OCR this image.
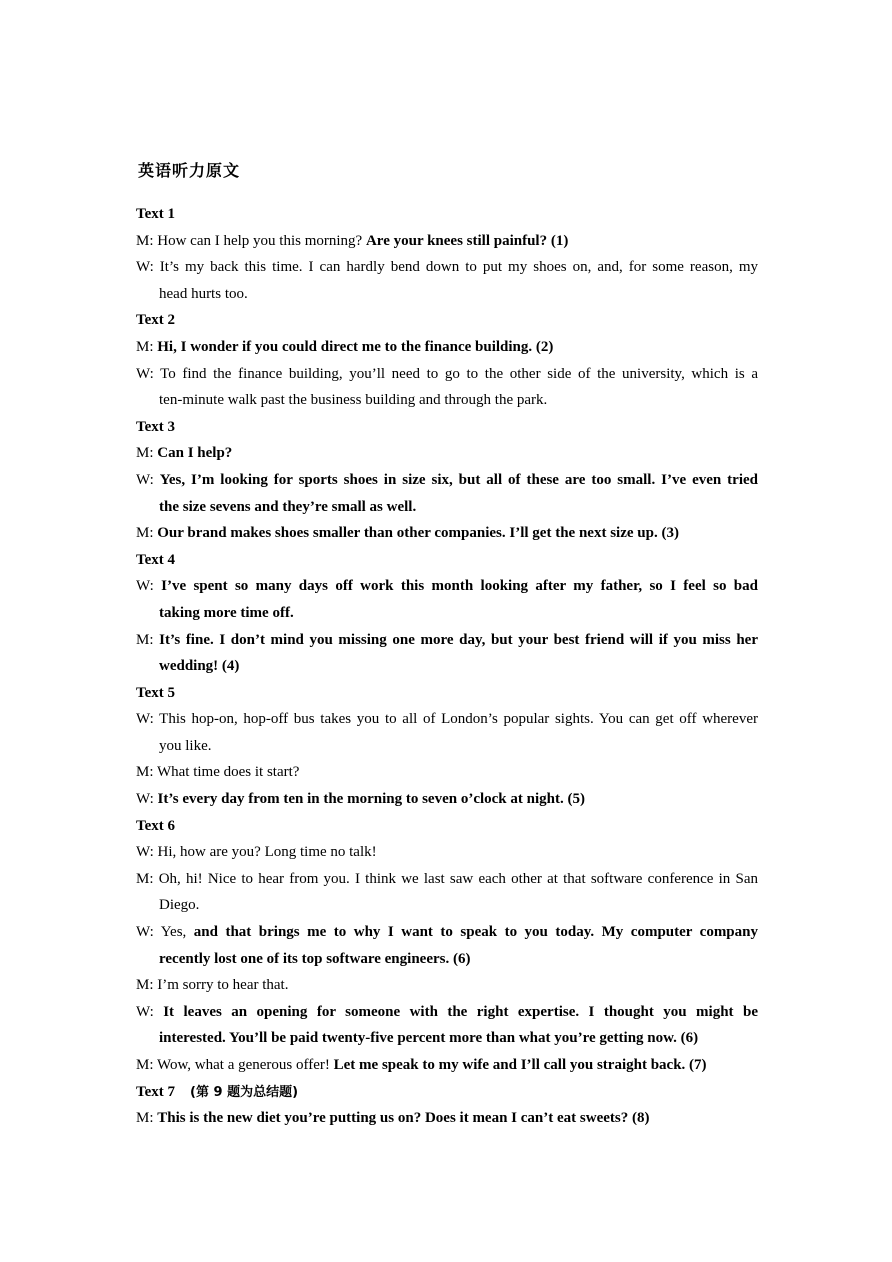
英语听力原文
Text 1
M: How can I help you this morning? Are your knees still painful? (1)
W: It’s my back this time. I can hardly bend down to put my shoes on, and, for some reason, my
head hurts too.
Text 2
M: Hi, I wonder if you could direct me to the finance building. (2)
W: To find the finance building, you’ll need to go to the other side of the university, which is a
ten-minute walk past the business building and through the park.
Text 3
M: Can I help?
W: Yes, I’m looking for sports shoes in size six, but all of these are too small. I’ve even tried
the size sevens and they’re small as well.
M: Our brand makes shoes smaller than other companies. I’ll get the next size up. (3)
Text 4
W: I’ve spent so many days off work this month looking after my father, so I feel so bad
taking more time off.
M: It’s fine. I don’t mind you missing one more day, but your best friend will if you miss her
wedding! (4)
Text 5
W: This hop-on, hop-off bus takes you to all of London’s popular sights. You can get off wherever
you like.
M: What time does it start?
W: It’s every day from ten in the morning to seven o’clock at night. (5)
Text 6
W: Hi, how are you? Long time no talk!
M: Oh, hi! Nice to hear from you. I think we last saw each other at that software conference in San
Diego.
W: Yes, and that brings me to why I want to speak to you today. My computer company
recently lost one of its top software engineers. (6)
M: I’m sorry to hear that.
W: It leaves an opening for someone with the right expertise. I thought you might be
interested. You’ll be paid twenty-five percent more than what you’re getting now. (6)
M: Wow, what a generous offer! Let me speak to my wife and I’ll call you straight back. (7)
Text 7 (第 9 题为总结题)
M: This is the new diet you’re putting us on? Does it mean I can’t eat sweets? (8)
